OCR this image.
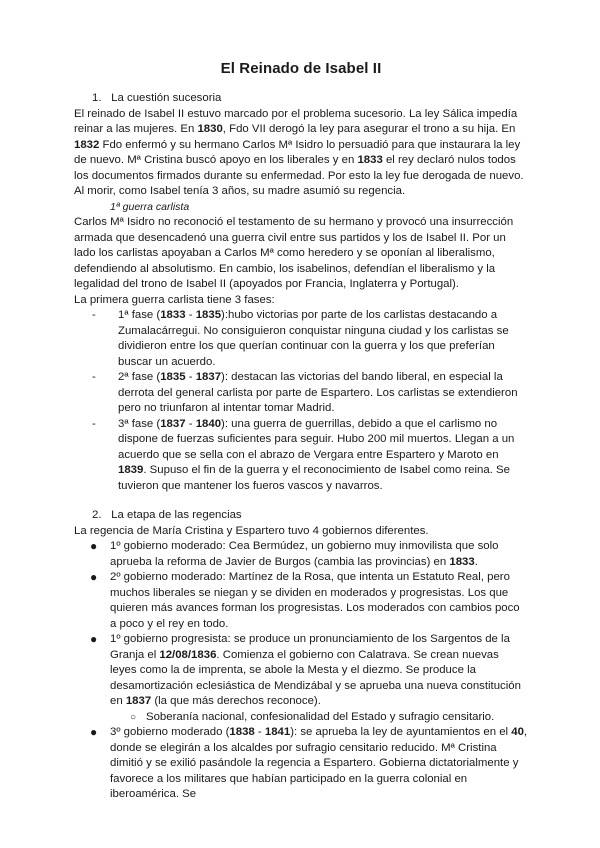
El Reinado de Isabel II
1. La cuestión sucesoria

El reinado de Isabel II estuvo marcado por el problema sucesorio. La ley Sálica impedía reinar a las mujeres. En 1830, Fdo VII derogó la ley para asegurar el trono a su hija. En 1832 Fdo enfermó y su hermano Carlos Mª Isidro lo persuadió para que instaurara la ley de nuevo. Mª Cristina buscó apoyo en los liberales y en 1833 el rey declaró nulos todos los documentos firmados durante su enfermedad. Por esto la ley fue derogada de nuevo. Al morir, como Isabel tenía 3 años, su madre asumió su regencia.

1ª guerra carlista

Carlos Mª Isidro no reconoció el testamento de su hermano y provocó una insurrección armada que desencadenó una guerra civil entre sus partidos y los de Isabel II. Por un lado los carlistas apoyaban a Carlos Mª como heredero y se oponían al liberalismo, defendiendo al absolutismo. En cambio, los isabelinos, defendían el liberalismo y la legalidad del trono de Isabel II (apoyados por Francia, Inglaterra y Portugal).

La primera guerra carlista tiene 3 fases:

- 1ª fase (1833 - 1835):hubo victorias por parte de los carlistas destacando a Zumalacárregui. No consiguieron conquistar ninguna ciudad y los carlistas se dividieron entre los que querían continuar con la guerra y los que preferían buscar un acuerdo.
- 2ª fase (1835 - 1837): destacan las victorias del bando liberal, en especial la derrota del general carlista por parte de Espartero. Los carlistas se extendieron pero no triunfaron al intentar tomar Madrid.
- 3ª fase (1837 - 1840): una guerra de guerrillas, debido a que el carlismo no dispone de fuerzas suficientes para seguir. Hubo 200 mil muertos. Llegan a un acuerdo que se sella con el abrazo de Vergara entre Espartero y Maroto en 1839. Supuso el fin de la guerra y el reconocimiento de Isabel como reina. Se tuvieron que mantener los fueros vascos y navarros.
2. La etapa de las regencias

La regencia de María Cristina y Espartero tuvo 4 gobiernos diferentes.

● 1º gobierno moderado: Cea Bermúdez, un gobierno muy inmovilista que solo aprueba la reforma de Javier de Burgos (cambia las provincias) en 1833.
● 2º gobierno moderado: Martínez de la Rosa, que intenta un Estatuto Real, pero muchos liberales se niegan y se dividen en moderados y progresistas. Los que quieren más avances forman los progresistas. Los moderados con cambios poco a poco y el rey en todo.
● 1º gobierno progresista: se produce un pronunciamiento de los Sargentos de la Granja el 12/08/1836. Comienza el gobierno con Calatrava. Se crean nuevas leyes como la de imprenta, se abole la Mesta y el diezmo. Se produce la desamortización eclesiástica de Mendizábal y se aprueba una nueva constitución en 1837 (la que más derechos reconoce).
○ Soberanía nacional, confesionalidad del Estado y sufragio censitario.
● 3º gobierno moderado (1838 - 1841): se aprueba la ley de ayuntamientos en el 40, donde se elegirán a los alcaldes por sufragio censitario reducido. Mª Cristina dimitió y se exilió pasándole la regencia a Espartero. Gobierna dictatorialmente y favorece a los militares que habían participado en la guerra colonial en iberoamérica. Se
